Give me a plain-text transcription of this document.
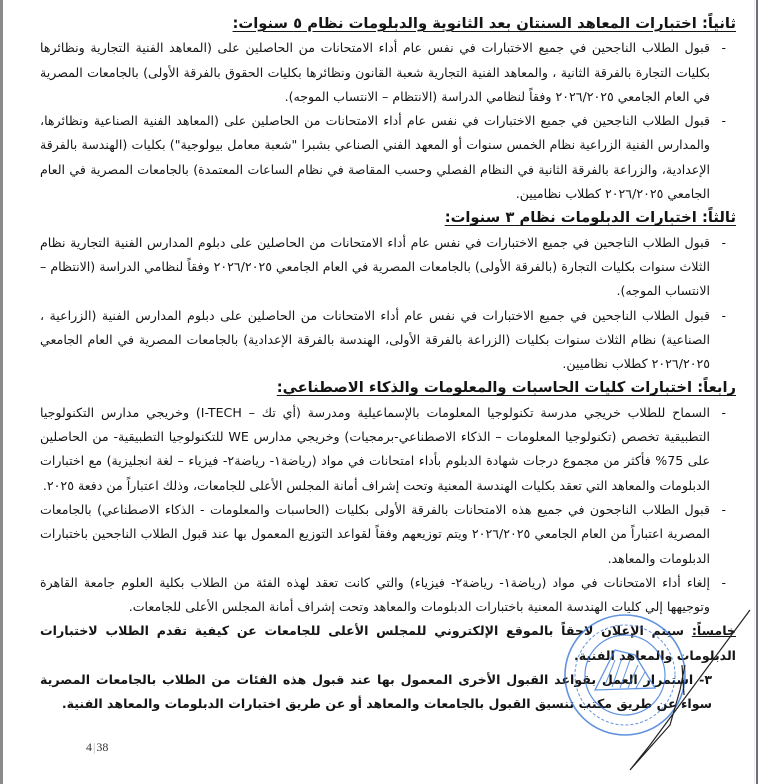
ثانياً: اختبارات المعاهد السنتان بعد الثانوية والدبلومات نظام ٥ سنوات:

-
قبول الطلاب الناجحين في جميع الاختبارات في نفس عام أداء الامتحانات من الحاصلين على (المعاهد الفنية التجارية ونظائرها بكليات التجارة بالفرقة الثانية ، والمعاهد الفنية التجارية شعبة القانون ونظائرها بكليات الحقوق بالفرقة الأولى) بالجامعات المصرية في العام الجامعي ٢٠٢٦/٢٠٢٥ وفقاً لنظامي الدراسة (الانتظام – الانتساب الموجه).

-
قبول الطلاب الناجحين في جميع الاختبارات في نفس عام أداء الامتحانات من الحاصلين على (المعاهد الفنية الصناعية ونظائرها، والمدارس الفنية الزراعية نظام الخمس سنوات أو المعهد الفني الصناعي بشبرا "شعبة معامل بيولوجية") بكليات (الهندسة بالفرقة الإعدادية، والزراعة بالفرقة الثانية في النظام الفصلي وحسب المقاصة في نظام الساعات المعتمدة) بالجامعات المصرية في العام الجامعي ٢٠٢٦/٢٠٢٥ كطلاب نظاميين.

ثالثاً: اختبارات الدبلومات نظام ٣ سنوات:

-
قبول الطلاب الناجحين في جميع الاختبارات في نفس عام أداء الامتحانات من الحاصلين على دبلوم المدارس الفنية التجارية نظام الثلاث سنوات بكليات التجارة (بالفرقة الأولى) بالجامعات المصرية في العام الجامعي ٢٠٢٦/٢٠٢٥ وفقاً لنظامي الدراسة (الانتظام – الانتساب الموجه).

-
قبول الطلاب الناجحين في جميع الاختبارات في نفس عام أداء الامتحانات من الحاصلين على دبلوم المدارس الفنية (الزراعية ، الصناعية) نظام الثلاث سنوات بكليات (الزراعة بالفرقة الأولى، الهندسة بالفرقة الإعدادية) بالجامعات المصرية في العام الجامعي ٢٠٢٦/٢٠٢٥ كطلاب نظاميين.

رابعاً: اختبارات كليات الحاسبات والمعلومات والذكاء الاصطناعي:

-
السماح للطلاب خريجي مدرسة تكنولوجيا المعلومات بالإسماعيلية ومدرسة (أي تك – I-TECH) وخريجي مدارس التكنولوجيا التطبيقية تخصص (تكنولوجيا المعلومات – الذكاء الاصطناعي-برمجيات) وخريجي مدارس WE للتكنولوجيا التطبيقية- من الحاصلين على 75% فأكثر من مجموع درجات شهادة الدبلوم بأداء امتحانات في مواد (رياضة١- رياضة٢- فيزياء – لغة انجليزية) مع اختبارات الدبلومات والمعاهد التي تعقد بكليات الهندسة المعنية وتحت إشراف أمانة المجلس الأعلى للجامعات، وذلك اعتباراً من دفعة ٢٠٢٥.

-
قبول الطلاب الناجحون في جميع هذه الامتحانات بالفرقة الأولى بكليات (الحاسبات والمعلومات - الذكاء الاصطناعي) بالجامعات المصرية اعتباراً من العام الجامعي ٢٠٢٦/٢٠٢٥ ويتم توزيعهم وفقاً لقواعد التوزيع المعمول بها عند قبول الطلاب الناجحين باختبارات الدبلومات والمعاهد.

-
إلغاء أداء الامتحانات في مواد (رياضة١- رياضة٢- فيزياء) والتي كانت تعقد لهذه الفئة من الطلاب بكلية العلوم جامعة القاهرة وتوجيهها إلي كليات الهندسة المعنية باختبارات الدبلومات والمعاهد وتحت إشراف أمانة المجلس الأعلى للجامعات.

خامساً: سيتم الإعلان لاحقاً بالموقع الإلكتروني للمجلس الأعلى للجامعات عن كيفية تقدم الطلاب لاختبارات الدبلومات والمعاهد الفنية.

٣- استمرار العمل بقواعد القبول الأخرى المعمول بها عند قبول هذه الفئات من الطلاب بالجامعات المصرية سواء عن طريق مكتب تنسيق القبول بالجامعات والمعاهد أو عن طريق اختبارات الدبلومات والمعاهد الفنية.

4|38
